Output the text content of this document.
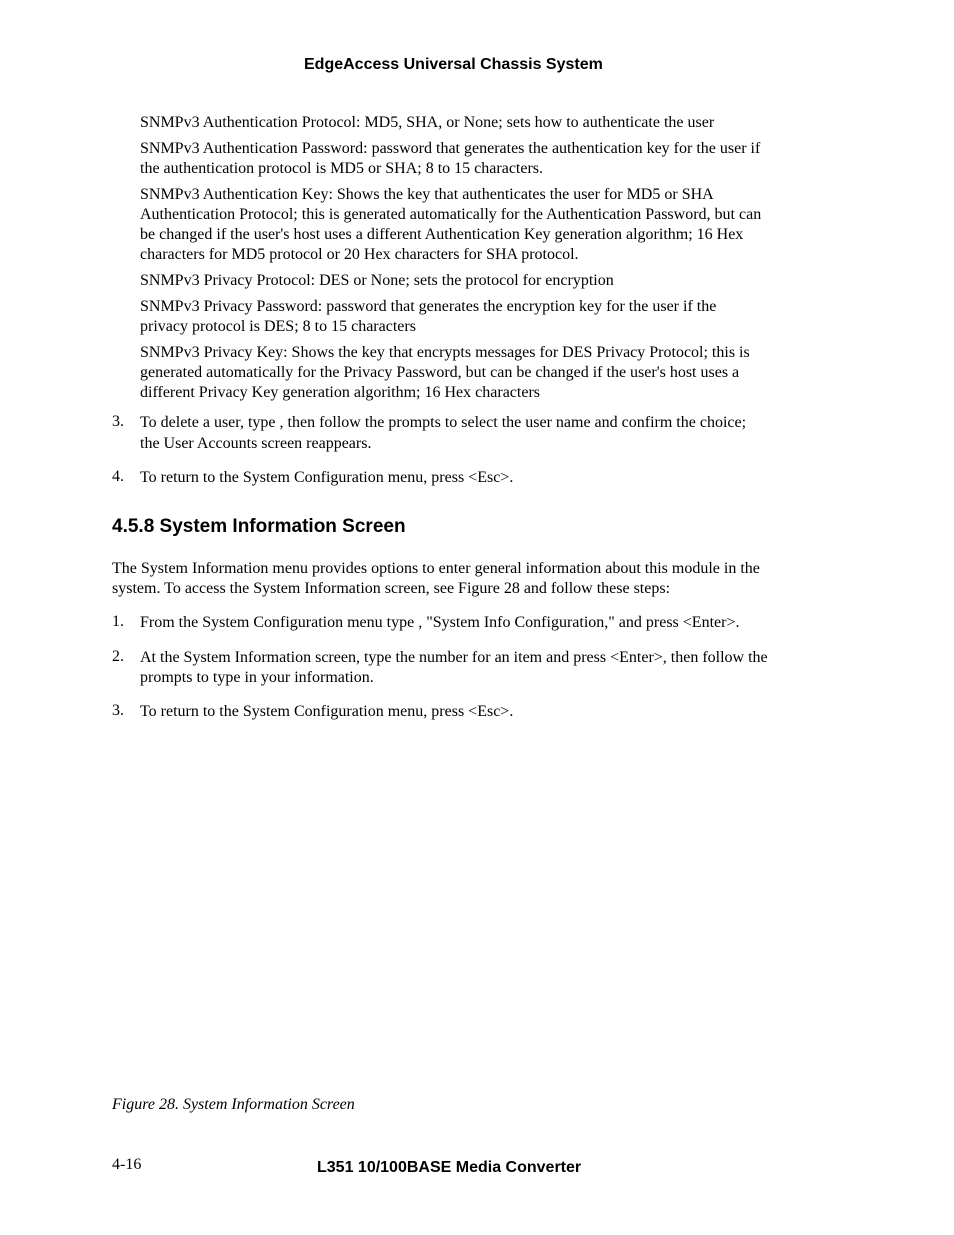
EdgeAccess Universal Chassis System
SNMPv3 Authentication Protocol: MD5, SHA, or None; sets how to authenticate the user
SNMPv3 Authentication Password: password that generates the authentication key for the user if
the authentication protocol is MD5 or SHA; 8 to 15 characters.
SNMPv3 Authentication Key: Shows the key that authenticates the user for MD5 or SHA
Authentication Protocol; this is generated automatically for the Authentication Password, but can
be changed if the user's host uses a different Authentication Key generation algorithm; 16 Hex
characters for MD5 protocol or 20 Hex characters for SHA protocol.
SNMPv3 Privacy Protocol: DES or None; sets the protocol for encryption
SNMPv3 Privacy Password: password that generates the encryption key for the user if the
privacy protocol is DES; 8 to 15 characters
SNMPv3 Privacy Key: Shows the key that encrypts messages for DES Privacy Protocol; this is
generated automatically for the Privacy Password, but can be changed if the user's host uses a
different Privacy Key generation algorithm; 16 Hex characters
3. To delete a user, type , then follow the prompts to select the user name and confirm the choice;
the User Accounts screen reappears.
4. To return to the System Configuration menu, press <Esc>.
4.5.8 System Information Screen
The System Information menu provides options to enter general information about this module in the
system. To access the System Information screen, see Figure 28 and follow these steps:
1. From the System Configuration menu type , "System Info Configuration," and press <Enter>.
2. At the System Information screen, type the number for an item and press <Enter>, then follow the
prompts to type in your information.
3. To return to the System Configuration menu, press <Esc>.
Figure 28. System Information Screen
4-16	L351 10/100BASE Media Converter
